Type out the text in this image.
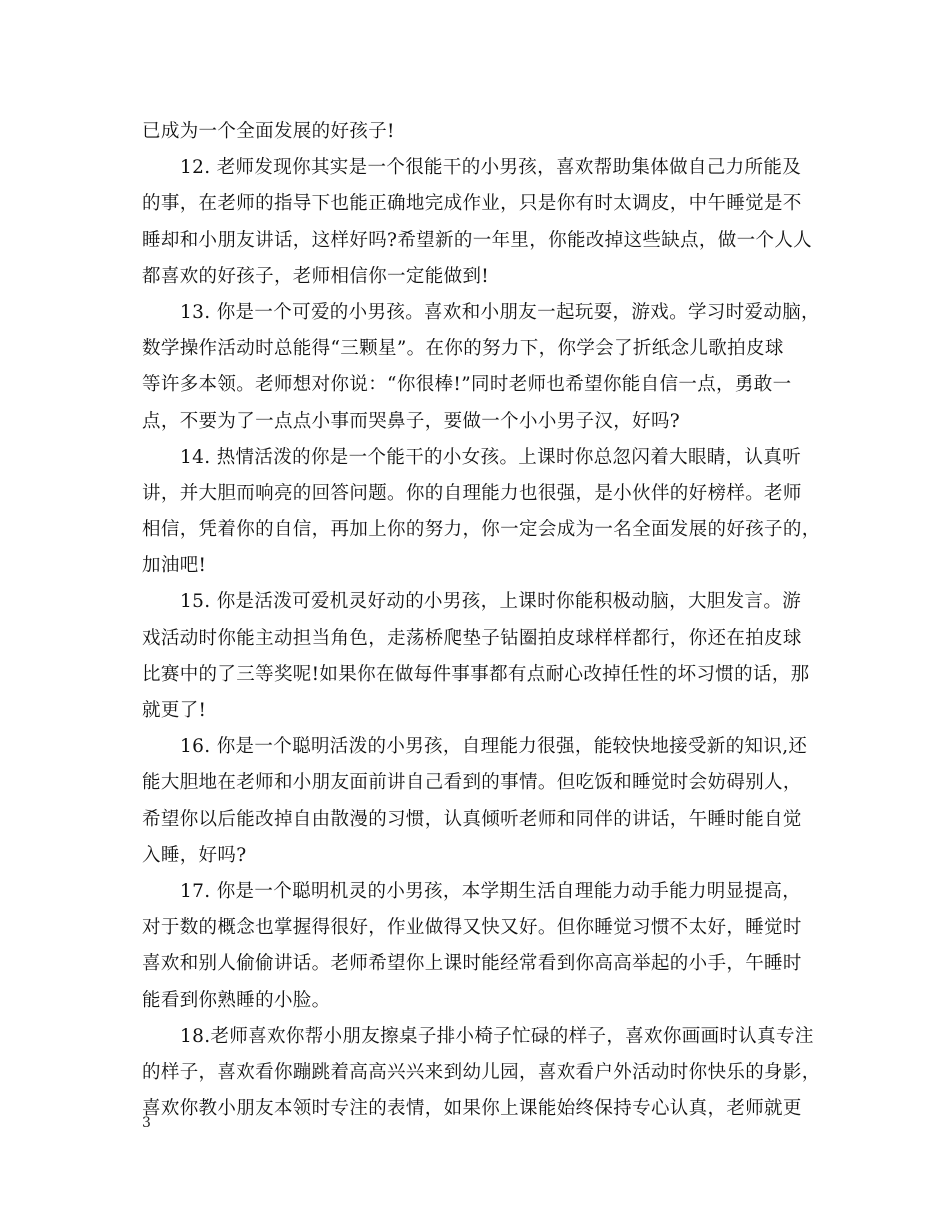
已成为一个全面发展的好孩子!
12. 老师发现你其实是一个很能干的小男孩，喜欢帮助集体做自己力所能及
的事，在老师的指导下也能正确地完成作业，只是你有时太调皮，中午睡觉是不
睡却和小朋友讲话，这样好吗?希望新的一年里，你能改掉这些缺点，做一个人人
都喜欢的好孩子，老师相信你一定能做到!
13. 你是一个可爱的小男孩。喜欢和小朋友一起玩耍，游戏。学习时爱动脑，
数学操作活动时总能得“三颗星”。在你的努力下，你学会了折纸念儿歌拍皮球
等许多本领。老师想对你说：“你很棒!”同时老师也希望你能自信一点，勇敢一
点，不要为了一点点小事而哭鼻子，要做一个小小男子汉，好吗?
14. 热情活泼的你是一个能干的小女孩。上课时你总忽闪着大眼睛，认真听
讲，并大胆而响亮的回答问题。你的自理能力也很强，是小伙伴的好榜样。老师
相信，凭着你的自信，再加上你的努力，你一定会成为一名全面发展的好孩子的，
加油吧!
15. 你是活泼可爱机灵好动的小男孩，上课时你能积极动脑，大胆发言。游
戏活动时你能主动担当角色，走荡桥爬垫子钻圈拍皮球样样都行，你还在拍皮球
比赛中的了三等奖呢!如果你在做每件事事都有点耐心改掉任性的坏习惯的话，那
就更了!
16. 你是一个聪明活泼的小男孩，自理能力很强，能较快地接受新的知识,还
能大胆地在老师和小朋友面前讲自己看到的事情。但吃饭和睡觉时会妨碍别人，
希望你以后能改掉自由散漫的习惯，认真倾听老师和同伴的讲话，午睡时能自觉
入睡，好吗?
17. 你是一个聪明机灵的小男孩，本学期生活自理能力动手能力明显提高，
对于数的概念也掌握得很好，作业做得又快又好。但你睡觉习惯不太好，睡觉时
喜欢和别人偷偷讲话。老师希望你上课时能经常看到你高高举起的小手，午睡时
能看到你熟睡的小脸。
18.老师喜欢你帮小朋友擦桌子排小椅子忙碌的样子，喜欢你画画时认真专注
的样子，喜欢看你蹦跳着高高兴兴来到幼儿园，喜欢看户外活动时你快乐的身影，
喜欢你教小朋友本领时专注的表情，如果你上课能始终保持专心认真，老师就更
3
